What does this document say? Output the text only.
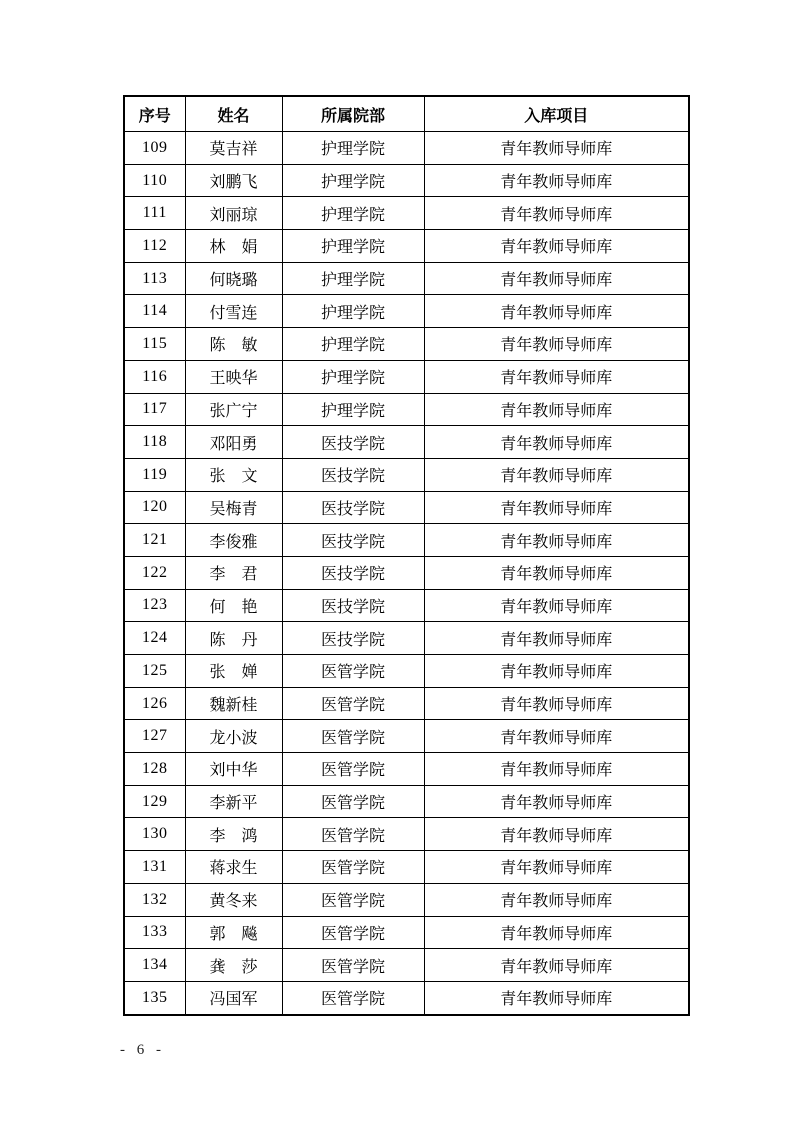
序号	姓名	所属院部	入库项目
109	莫吉祥	护理学院	青年教师导师库
110	刘鹏飞	护理学院	青年教师导师库
111	刘丽琼	护理学院	青年教师导师库
112	林　娟	护理学院	青年教师导师库
113	何晓璐	护理学院	青年教师导师库
114	付雪连	护理学院	青年教师导师库
115	陈　敏	护理学院	青年教师导师库
116	王映华	护理学院	青年教师导师库
117	张广宁	护理学院	青年教师导师库
118	邓阳勇	医技学院	青年教师导师库
119	张　文	医技学院	青年教师导师库
120	吴梅青	医技学院	青年教师导师库
121	李俊雅	医技学院	青年教师导师库
122	李　君	医技学院	青年教师导师库
123	何　艳	医技学院	青年教师导师库
124	陈　丹	医技学院	青年教师导师库
125	张　婵	医管学院	青年教师导师库
126	魏新桂	医管学院	青年教师导师库
127	龙小波	医管学院	青年教师导师库
128	刘中华	医管学院	青年教师导师库
129	李新平	医管学院	青年教师导师库
130	李　鸿	医管学院	青年教师导师库
131	蒋求生	医管学院	青年教师导师库
132	黄冬来	医管学院	青年教师导师库
133	郭　飚	医管学院	青年教师导师库
134	龚　莎	医管学院	青年教师导师库
135	冯国军	医管学院	青年教师导师库
- 6 -
